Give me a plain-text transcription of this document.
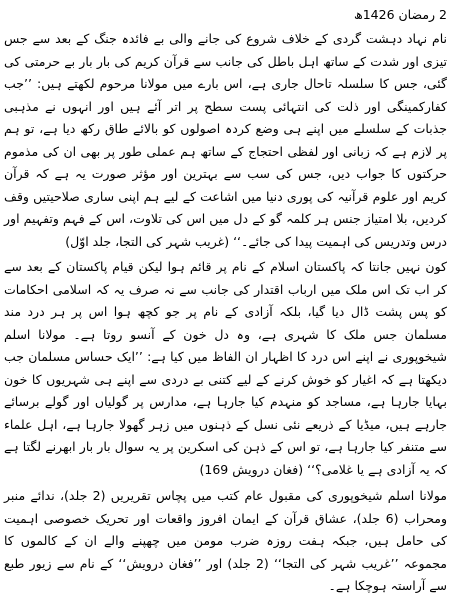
2 رمضان 1426ھ

نام نہاد دہشت گردی کے خلاف شروع کی جانے والی بے فائدہ جنگ کے بعد سے جس تیزی اور شدت کے ساتھ اہل باطل کی جانب سے قرآن کریم کی بار بار بے حرمتی کی گئی، جس کا سلسلہ تاحال جاری ہے، اس بارے میں مولانا مرحوم لکھتے ہیں: ’’جب کفارکمینگی اور ذلت کی انتہائی پست سطح پر اتر آئے ہیں اور انہوں نے مذہبی جذبات کے سلسلے میں اپنے ہی وضع کردہ اصولوں کو بالائے طاق رکھ دیا ہے، تو ہم پر لازم ہے کہ زبانی اور لفظی احتجاج کے ساتھ ہم عملی طور پر بھی ان کی مذموم حرکتوں کا جواب دیں، جس کی سب سے بہترین اور مؤثر صورت یہ ہے کہ قرآن کریم اور علوم قرآنیہ کی پوری دنیا میں اشاعت کے لیے ہم اپنی ساری صلاحیتیں وقف کردیں، بلا امتیاز جنس ہر کلمہ گو کے دل میں اس کی تلاوت، اس کے فہم وتفہیم اور درس وتدریس کی اہمیت پیدا کی جائے۔‘‘ (غریب شہر کی التجا، جلد اوّل)

کون نہیں جانتا کہ پاکستان اسلام کے نام پر قائم ہوا لیکن قیام پاکستان کے بعد سے کر اب تک اس ملک میں ارباب اقتدار کی جانب سے نہ صرف یہ کہ اسلامی احکامات کو پس پشت ڈال دیا گیا، بلکہ آزادی کے نام پر جو کچھ ہوا اس پر ہر درد مند مسلمان جس ملک کا شہری ہے، وہ دل خون کے آنسو روتا ہے۔ مولانا اسلم شیخوپوری نے اپنے اس درد کا اظہار ان الفاظ میں کیا ہے: ’’ایک حساس مسلمان جب دیکھتا ہے کہ اغیار کو خوش کرنے کے لیے کتنی بے دردی سے اپنے ہی شہریوں کا خون بہایا جارہا ہے، مساجد کو منہدم کیا جارہا ہے، مدارس پر گولیاں اور گولے برسائے جارہے ہیں، میڈیا کے ذریعے نئی نسل کے ذہنوں میں زہر گھولا جارہا ہے، اہل علماء سے متنفر کیا جارہا ہے، تو اس کے ذہن کی اسکرین پر یہ سوال بار بار ابھرنے لگتا ہے کہ یہ آزادی ہے یا غلامی؟‘‘ (فغان درویش 169)

مولانا اسلم شیخوپوری کی مقبول عام کتب میں پچاس تقریریں (2 جلد)، ندائے منبر ومحراب (6 جلد)، عشاق قرآن کے ایمان افروز واقعات اور تحریک خصوصی اہمیت کی حامل ہیں، جبکہ ہفت روزہ ضرب مومن میں چھپنے والے ان کے کالموں کا مجموعہ ’’غریب شہر کی التجا‘‘ (2 جلد) اور ’’فغان درویش‘‘ کے نام سے زیور طبع سے آراستہ ہوچکا ہے۔
